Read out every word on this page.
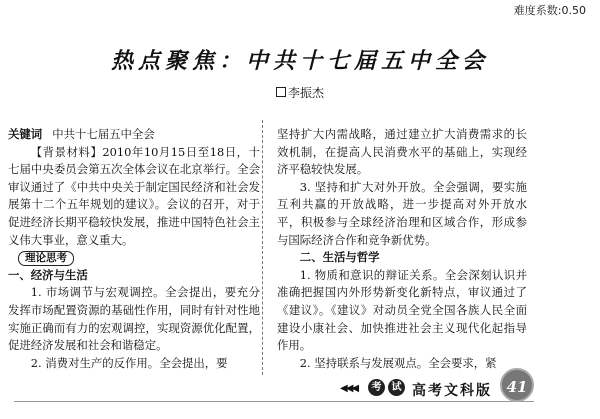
难度系数:0.50
热点聚焦：中共十七届五中全会
李振杰

关键词 中共十七届五中全会

【背景材料】2010年10月15日至18日，十七届中央委员会第五次全体会议在北京举行。全会审议通过了《中共中央关于制定国民经济和社会发展第十二个五年规划的建议》。会议的召开，对于促进经济长期平稳较快发展，推进中国特色社会主义伟大事业，意义重大。

理论思考

一、经济与生活

1. 市场调节与宏观调控。全会提出，要充分发挥市场配置资源的基础性作用，同时有针对性地实施正确而有力的宏观调控，实现资源优化配置，促进经济发展和社会和谐稳定。

2. 消费对生产的反作用。全会提出，要

坚持扩大内需战略，通过建立扩大消费需求的长效机制，在提高人民消费水平的基础上，实现经济平稳较快发展。

3. 坚持和扩大对外开放。全会强调，要实施互利共赢的开放战略，进一步提高对外开放水平，积极参与全球经济治理和区域合作，形成参与国际经济合作和竞争新优势。

二、生活与哲学

1. 物质和意识的辩证关系。全会深刻认识并准确把握国内外形势新变化新特点，审议通过了《建议》。《建议》对动员全党全国各族人民全面建设小康社会、加快推进社会主义现代化起指导作用。

2. 坚持联系与发展观点。全会要求，紧

◀◀◀	考	试 高考文科版 41
